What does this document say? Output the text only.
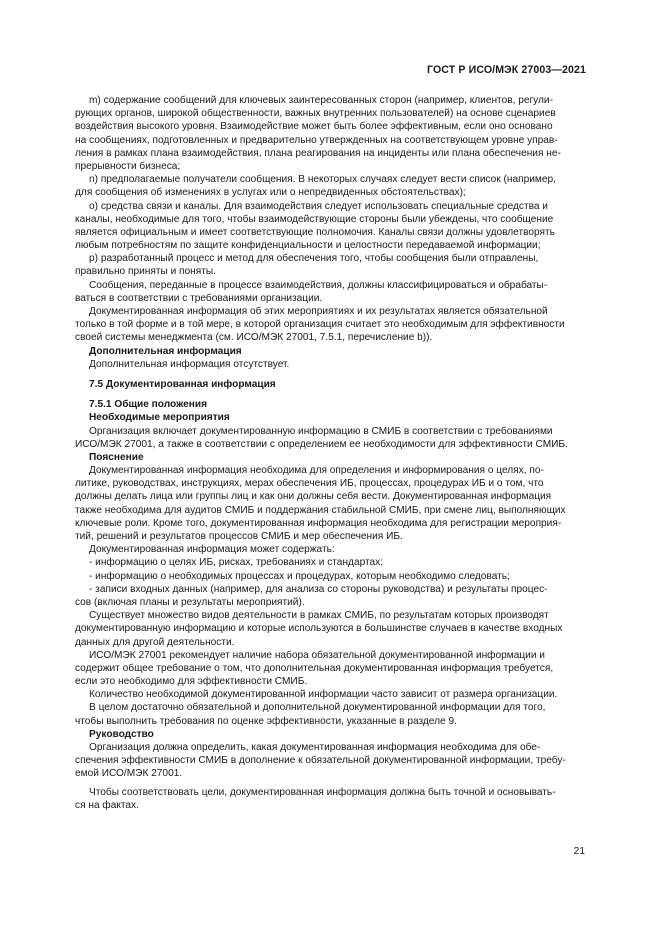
ГОСТ Р ИСО/МЭК 27003—2021
m) содержание сообщений для ключевых заинтересованных сторон (например, клиентов, регули-
рующих органов, широкой общественности, важных внутренних пользователей) на основе сценариев
воздействия высокого уровня. Взаимодействие может быть более эффективным, если оно основано
на сообщениях, подготовленных и предварительно утвержденных на соответствующем уровне управ-
ления в рамках плана взаимодействия, плана реагирования на инциденты или плана обеспечения не-
прерывности бизнеса;
n) предполагаемые получатели сообщения. В некоторых случаях следует вести список (например,
для сообщения об изменениях в услугах или о непредвиденных обстоятельствах);
o) средства связи и каналы. Для взаимодействия следует использовать специальные средства и
каналы, необходимые для того, чтобы взаимодействующие стороны были убеждены, что сообщение
является официальным и имеет соответствующие полномочия. Каналы связи должны удовлетворять
любым потребностям по защите конфиденциальности и целостности передаваемой информации;
p) разработанный процесс и метод для обеспечения того, чтобы сообщения были отправлены,
правильно приняты и поняты.
Сообщения, переданные в процессе взаимодействия, должны классифицироваться и обрабаты-
ваться в соответствии с требованиями организации.
Документированная информация об этих мероприятиях и их результатах является обязательной
только в той форме и в той мере, в которой организация считает это необходимым для эффективности
своей системы менеджмента (см. ИСО/МЭК 27001, 7.5.1, перечисление b)).
Дополнительная информация
Дополнительная информация отсутствует.
7.5 Документированная информация
7.5.1 Общие положения
Необходимые мероприятия
Организация включает документированную информацию в СМИБ в соответствии с требованиями
ИСО/МЭК 27001, а также в соответствии с определением ее необходимости для эффективности СМИБ.
Пояснение
Документированная информация необходима для определения и информирования о целях, по-
литике, руководствах, инструкциях, мерах обеспечения ИБ, процессах, процедурах ИБ и о том, что
должны делать лица или группы лиц и как они должны себя вести. Документированная информация
также необходима для аудитов СМИБ и поддержания стабильной СМИБ, при смене лиц, выполняющих
ключевые роли. Кроме того, документированная информация необходима для регистрации мероприя-
тий, решений и результатов процессов СМИБ и мер обеспечения ИБ.
Документированная информация может содержать:
- информацию о целях ИБ, рисках, требованиях и стандартах;
- информацию о необходимых процессах и процедурах, которым необходимо следовать;
- записи входных данных (например, для анализа со стороны руководства) и результаты процес-
сов (включая планы и результаты мероприятий).
Существует множество видов деятельности в рамках СМИБ, по результатам которых производят
документированную информацию и которые используются в большинстве случаев в качестве входных
данных для другой деятельности.
ИСО/МЭК 27001 рекомендует наличие набора обязательной документированной информации и
содержит общее требование о том, что дополнительная документированная информация требуется,
если это необходимо для эффективности СМИБ.
Количество необходимой документированной информации часто зависит от размера организации.
В целом достаточно обязательной и дополнительной документированной информации для того,
чтобы выполнить требования по оценке эффективности, указанные в разделе 9.
Руководство
Организация должна определить, какая документированная информация необходима для обе-
спечения эффективности СМИБ в дополнение к обязательной документированной информации, требу-
емой ИСО/МЭК 27001.
Чтобы соответствовать цели, документированная информация должна быть точной и основывать-
ся на фактах.
21
